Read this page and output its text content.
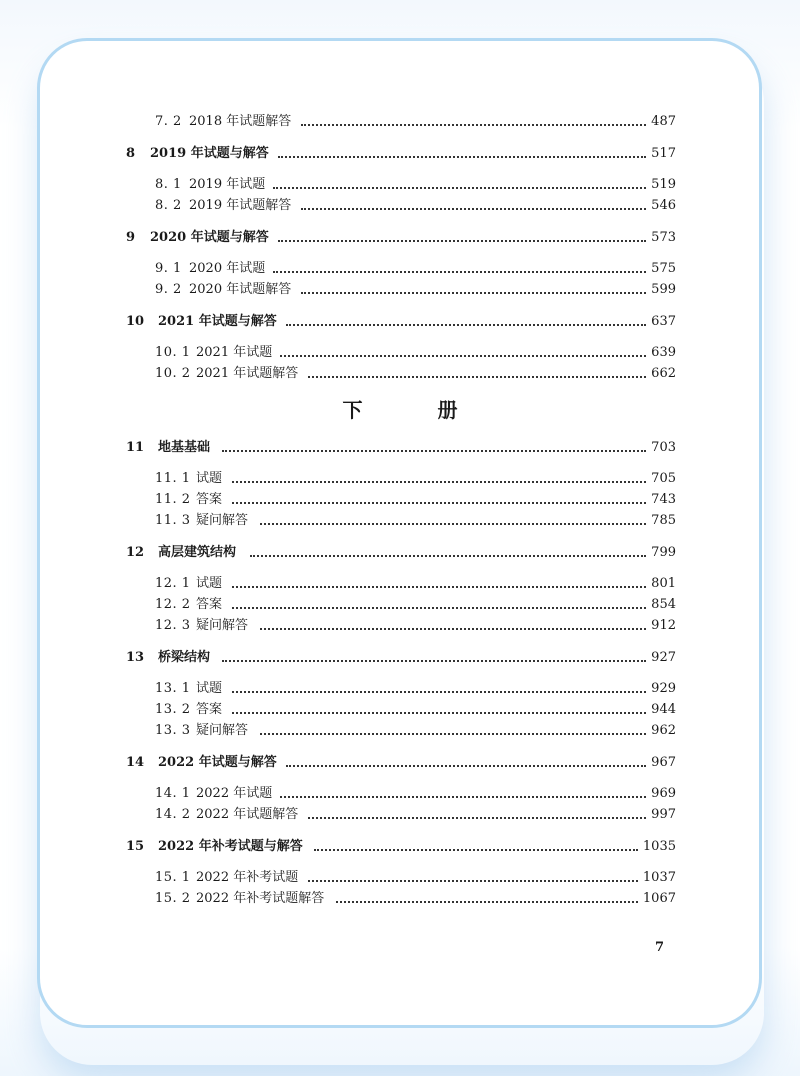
7. 2 2018 年试题解答	487
8 2019 年试题与解答	517
8. 1 2019 年试题	519
8. 2 2019 年试题解答	546
9 2020 年试题与解答	573
9. 1 2020 年试题	575
9. 2 2020 年试题解答	599
10 2021 年试题与解答	637
10. 1 2021 年试题	639
10. 2 2021 年试题解答	662
11 地基基础	703
11. 1 试题	705
11. 2 答案	743
11. 3 疑问解答	785
12 高层建筑结构	799
12. 1 试题	801
12. 2 答案	854
12. 3 疑问解答	912
13 桥梁结构	927
13. 1 试题	929
13. 2 答案	944
13. 3 疑问解答	962
14 2022 年试题与解答	967
14. 1 2022 年试题	969
14. 2 2022 年试题解答	997
15 2022 年补考试题与解答	1035
15. 1 2022 年补考试题	1037
15. 2 2022 年补考试题解答	1067
下 册
7
